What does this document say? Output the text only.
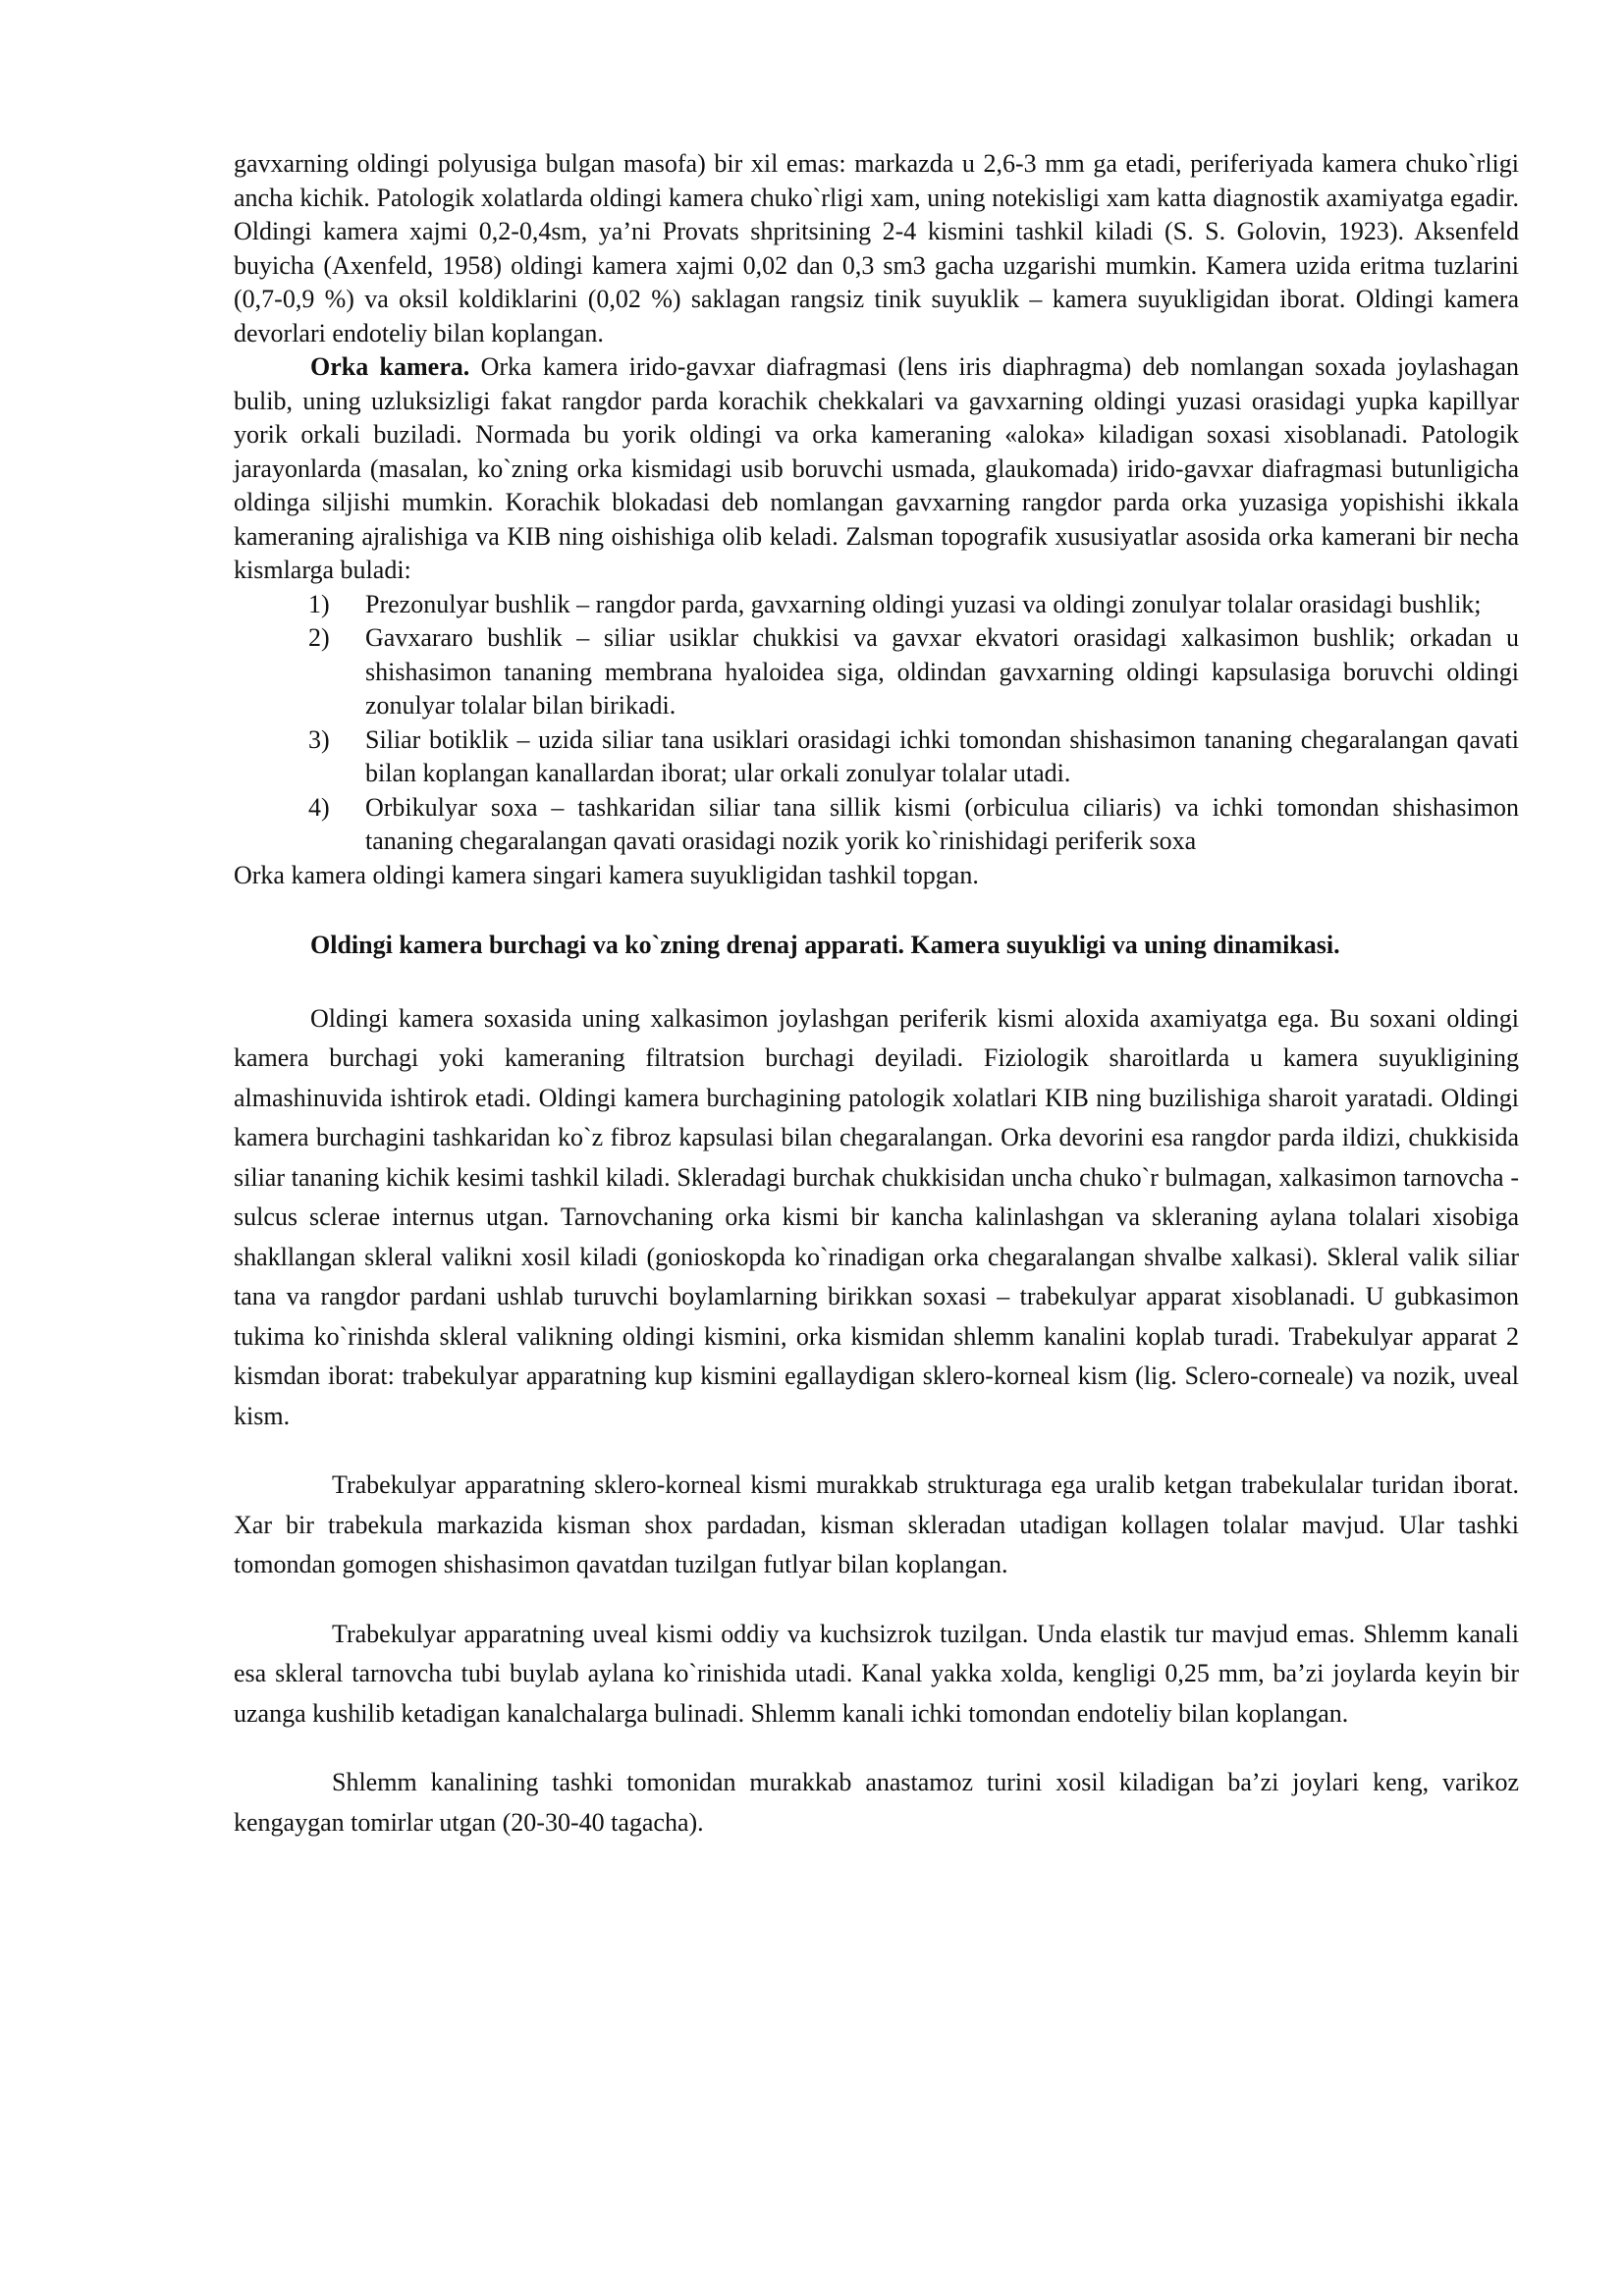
gavxarning oldingi polyusiga bulgan masofa) bir xil emas: markazda u 2,6-3 mm ga etadi, periferiyada kamera chuko`rligi ancha kichik. Patologik xolatlarda oldingi kamera chuko`rligi xam, uning notekisligi xam katta diagnostik axamiyatga egadir. Oldingi kamera xajmi 0,2-0,4sm, ya’ni Provats shpritsining 2-4 kismini tashkil kiladi (S. S. Golovin, 1923). Aksenfeld buyicha (Axenfeld, 1958) oldingi kamera xajmi 0,02 dan 0,3 sm3 gacha uzgarishi mumkin. Kamera uzida eritma tuzlarini (0,7-0,9 %) va oksil koldiklarini (0,02 %) saklagan rangsiz tinik suyuklik – kamera suyukligidan iborat. Oldingi kamera devorlari endoteliy bilan koplangan.

Orka kamera. Orka kamera irido-gavxar diafragmasi (lens iris diaphragma) deb nomlangan soxada joylashagan bulib, uning uzluksizligi fakat rangdor parda korachik chekkalari va gavxarning oldingi yuzasi orasidagi yupka kapillyar yorik orkali buziladi. Normada bu yorik oldingi va orka kameraning «aloka» kiladigan soxasi xisoblanadi. Patologik jarayonlarda (masalan, ko`zning orka kismidagi usib boruvchi usmada, glaukomada) irido-gavxar diafragmasi butunligicha oldinga siljishi mumkin. Korachik blokadasi deb nomlangan gavxarning rangdor parda orka yuzasiga yopishishi ikkala kameraning ajralishiga va KIB ning oishishiga olib keladi. Zalsman topografik xususiyatlar asosida orka kamerani bir necha kismlarga buladi:

1) Prezonulyar bushlik – rangdor parda, gavxarning oldingi yuzasi va oldingi zonulyar tolalar orasidagi bushlik;
2) Gavxararo bushlik – siliar usiklar chukkisi va gavxar ekvatori orasidagi xalkasimon bushlik; orkadan u shishasimon tananing membrana hyaloidea siga, oldindan gavxarning oldingi kapsulasiga boruvchi oldingi zonulyar tolalar bilan birikadi.
3) Siliar botiklik – uzida siliar tana usiklari orasidagi ichki tomondan shishasimon tananing chegaralangan qavati bilan koplangan kanallardan iborat; ular orkali zonulyar tolalar utadi.
4) Orbikulyar soxa – tashkaridan siliar tana sillik kismi (orbiculua ciliaris) va ichki tomondan shishasimon tananing chegaralangan qavati orasidagi nozik yorik ko`rinishidagi periferik soxa

Orka kamera oldingi kamera singari kamera suyukligidan tashkil topgan.

Oldingi kamera burchagi va ko`zning drenaj apparati. Kamera suyukligi va uning dinamikasi.

Oldingi kamera soxasida uning xalkasimon joylashgan periferik kismi aloxida axamiyatga ega. Bu soxani oldingi kamera burchagi yoki kameraning filtratsion burchagi deyiladi. Fiziologik sharoitlarda u kamera suyukligining almashinuvida ishtirok etadi. Oldingi kamera burchagining patologik xolatlari KIB ning buzilishiga sharoit yaratadi. Oldingi kamera burchagini tashkaridan ko`z fibroz kapsulasi bilan chegaralangan. Orka devorini esa rangdor parda ildizi, chukkisida siliar tananing kichik kesimi tashkil kiladi. Skleradagi burchak chukkisidan uncha chuko`r bulmagan, xalkasimon tarnovcha - sulcus sclerae internus utgan. Tarnovchaning orka kismi bir kancha kalinlashgan va skleraning aylana tolalari xisobiga shakllangan skleral valikni xosil kiladi (gonioskopda ko`rinadigan orka chegaralangan shvalbe xalkasi). Skleral valik siliar tana va rangdor pardani ushlab turuvchi boylamlarning birikkan soxasi – trabekulyar apparat xisoblanadi. U gubkasimon tukima ko`rinishda skleral valikning oldingi kismini, orka kismidan shlemm kanalini koplab turadi. Trabekulyar apparat 2 kismdan iborat: trabekulyar apparatning kup kismini egallaydigan sklero-korneal kism (lig. Sclero-corneale) va nozik, uveal kism.

Trabekulyar apparatning sklero-korneal kismi murakkab strukturaga ega uralib ketgan trabekulalar turidan iborat. Xar bir trabekula markazida kisman shox pardadan, kisman skleradan utadigan kollagen tolalar mavjud. Ular tashki tomondan gomogen shishasimon qavatdan tuzilgan futlyar bilan koplangan.

Trabekulyar apparatning uveal kismi oddiy va kuchsizrok tuzilgan. Unda elastik tur mavjud emas. Shlemm kanali esa skleral tarnovcha tubi buylab aylana ko`rinishida utadi. Kanal yakka xolda, kengligi 0,25 mm, ba’zi joylarda keyin bir uzanga kushilib ketadigan kanalchalarga bulinadi. Shlemm kanali ichki tomondan endoteliy bilan koplangan.

Shlemm kanalining tashki tomonidan murakkab anastamoz turini xosil kiladigan ba’zi joylari keng, varikoz kengaygan tomirlar utgan (20-30-40 tagacha).
